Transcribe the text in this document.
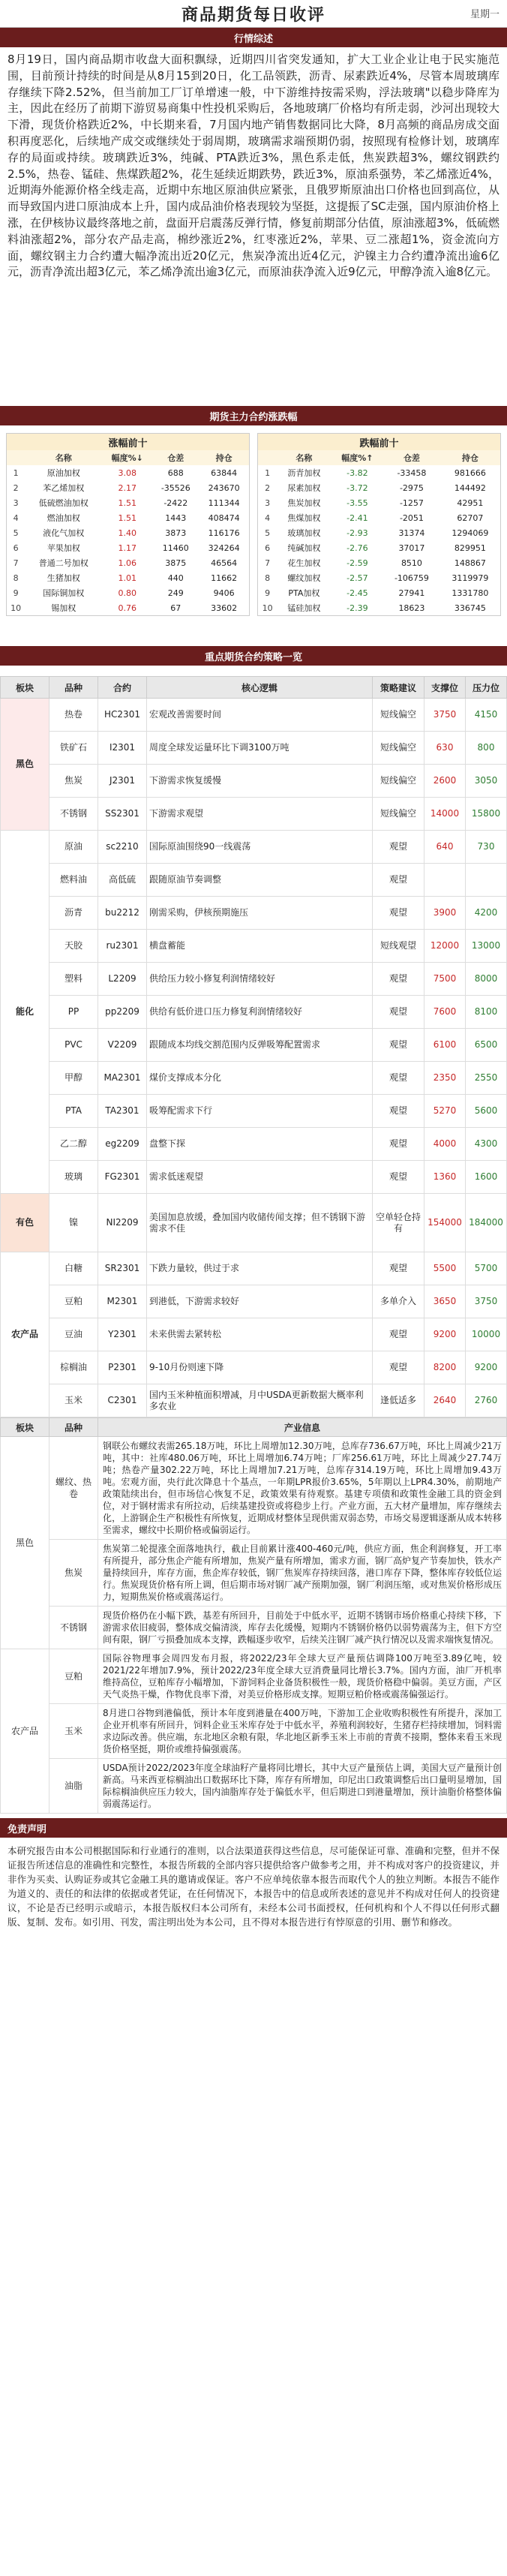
商品期货每日收评	星期一
行情综述
8月19日，国内商品期市收盘大面积飘绿，近期四川省突发通知，扩大工业企业让电于民实施范围，目前预计持续的时间是从8月15到20日，化工品领跌，沥青、尿素跌近4%，尽管本周玻璃库存继续下降2.52%，但当前加工厂订单增速一般，中下游维持按需采购，浮法玻璃"以稳步降库为主，因此在经历了前期下游贸易商集中性投机采购后，各地玻璃厂价格均有所走弱，沙河出现较大下滑，现货价格跌近2%，中长期来看，7月国内地产销售数据同比大降，8月高频的商品房成交面积再度恶化，后续地产成交或继续处于弱周期，玻璃需求端预期仍弱，按照现有检修计划，玻璃库存的局面或持续。玻璃跌近3%，纯碱、PTA跌近3%，黑色系走低，焦炭跌超3%，螺纹钢跌约2.5%，热卷、锰硅、焦煤跌超2%，花生延续近期跌势，跌近3%，原油系强势，苯乙烯涨近4%，近期海外能源价格全线走高，近期中东地区原油供应紧张，且俄罗斯原油出口价格也回到高位，从而导致国内进口原油成本上升，国内成品油价格表现较为坚挺，这提振了SC走强，国内原油价格上涨，在伊核协议最终落地之前，盘面开启震荡反弹行情，修复前期部分估值，原油涨超3%，低硫燃料油涨超2%，部分农产品走高，棉纱涨近2%，红枣涨近2%，苹果、豆二涨超1%，资金流向方面，螺纹钢主力合约遭大幅净流出近20亿元，焦炭净流出近4亿元，沪镍主力合约遭净流出逾6亿元，沥青净流出超3亿元，苯乙烯净流出逾3亿元，而原油获净流入近9亿元，甲醇净流入逾8亿元。
期货主力合约涨跌幅
涨幅前十
	名称	幅度%↓	仓差	持仓
1	原油加权	3.08	688	63844
2	苯乙烯加权	2.17	-35526	243670
3	低硫燃油加权	1.51	-2422	111344
4	燃油加权	1.51	1443	408474
5	液化气加权	1.40	3873	116176
6	苹果加权	1.17	11460	324264
7	普通二号加权	1.06	3875	46564
8	生猪加权	1.01	440	11662
9	国际铜加权	0.80	249	9406
10	锡加权	0.76	67	33602
跌幅前十
	名称	幅度%↑	仓差	持仓
1	沥青加权	-3.82	-33458	981666
2	尿素加权	-3.72	-2975	144492
3	焦炭加权	-3.55	-1257	42951
4	焦煤加权	-2.41	-2051	62707
5	玻璃加权	-2.93	31374	1294069
6	纯碱加权	-2.76	37017	829951
7	花生加权	-2.59	8510	148867
8	螺纹加权	-2.57	-106759	3119979
9	PTA加权	-2.45	27941	1331780
10	锰硅加权	-2.39	18623	336745
重点期货合约策略一览
板块	品种	合约	核心逻辑	策略建议	支撑位	压力位
黑色	热卷	HC2301	宏观改善需要时间	短线偏空	3750	4150
	铁矿石	I2301	周度全球发运量环比下调3100万吨	短线偏空	630	800
	焦炭	J2301	下游需求恢复缓慢	短线偏空	2600	3050
	不锈钢	SS2301	下游需求观望	短线偏空	14000	15800
能化	原油	sc2210	国际原油围绕90一线震荡	观望	640	730
	燃料油	高低硫	跟随原油节奏调整	观望		
	沥青	bu2212	刚需采购，伊核预期施压	观望	3900	4200
	天胶	ru2301	横盘蓄能	短线观望	12000	13000
	塑料	L2209	供给压力较小修复利润情绪较好	观望	7500	8000
	PP	pp2209	供给有低价进口压力修复利润情绪较好	观望	7600	8100
	PVC	V2209	跟随成本均线交割范围内反弹吸筹配置需求	观望	6100	6500
	甲醇	MA2301	煤价支撑成本分化	观望	2350	2550
	PTA	TA2301	吸筹配需求下行	观望	5270	5600
	乙二醇	eg2209	盘整下探	观望	4000	4300
	玻璃	FG2301	需求低迷观望	观望	1360	1600
有色	镍	NI2209	美国加息放缓，叠加国内收储传闻支撑；但不锈钢下游需求不佳	空单轻仓持有	154000	184000
农产品	白糖	SR2301	下跌力量较，供过于求	观望	5500	5700
	豆粕	M2301	到港低，下游需求较好	多单介入	3650	3750
	豆油	Y2301	未来供需去紧转松	观望	9200	10000
	棕榈油	P2301	9-10月份则速下降	观望	8200	9200
	玉米	C2301	国内玉米种植面积增减，月中USDA更新数据大概率利多农业	逢低适多	2640	2760
板块	品种	产业信息
黑色	螺纹、热卷	钢联公布螺纹表需265.18万吨，环比上周增加12.30万吨，总库存736.67万吨，环比上周减少21万吨，其中：社库480.06万吨，环比上周增加6.74万吨；厂库256.61万吨，环比上周减少27.74万吨；热卷产量302.22万吨，环比上周增加7.21万吨，总库存314.19万吨，环比上周增加9.43万吨。宏观方面，央行此次降息十个基点，一年期LPR报价3.65%，5年期以上LPR4.30%，前期地产政策陆续出台，但市场信心恢复不足，政策效果有待观察。基建专项债和政策性金融工具的资金到位，对于钢材需求有所拉动，后续基建投资或将稳步上行。产业方面，五大材产量增加，库存继续去化，上游钢企生产积极性有所恢复，近期成材整体呈现供需双弱态势，市场交易逻辑逐渐从成本转移至需求，螺纹中长期价格或偏弱运行。
	焦炭	焦炭第二轮提涨全面落地执行，截止目前累计涨400-460元/吨，供应方面，焦企利润修复，开工率有所提升，部分焦企产能有所增加，焦炭产量有所增加，需求方面，钢厂高炉复产节奏加快，铁水产量持续回升，库存方面，焦企库存较低，钢厂焦炭库存持续回落，港口库存下降，整体库存较低位运行。焦炭现货价格有所上调，但后期市场对钢厂减产预期加强，钢厂利润压缩，或对焦炭价格形成压力，短期焦炭价格或震荡运行。
	不锈钢	现货价格仍在小幅下跌，基差有所回升，目前处于中低水平，近期不锈钢市场价格重心持续下移，下游需求依旧疲弱，整体成交偏清淡，库存去化缓慢，短期内不锈钢价格仍以弱势震荡为主，但下方空间有限，钢厂亏损叠加成本支撑，跌幅逐步收窄，后续关注钢厂减产执行情况以及需求端恢复情况。
农产品	豆粕	国际谷物理事会周四发布月报，将2022/23年全球大豆产量预估调降100万吨至3.89亿吨，较2021/22年增加7.9%，预计2022/23年度全球大豆消费量同比增长3.7%。国内方面，油厂开机率维持高位，豆粕库存小幅增加，下游饲料企业备货积极性一般，现货价格稳中偏弱。美豆方面，产区天气炎热干燥，作物优良率下滑，对美豆价格形成支撑。短期豆粕价格或震荡偏强运行。
	玉米	8月进口谷物到港偏低，预计本年度到港量在400万吨，下游加工企业收购积极性有所提升，深加工企业开机率有所回升，饲料企业玉米库存处于中低水平，养殖利润较好，生猪存栏持续增加，饲料需求边际改善。供应端，东北地区余粮有限，华北地区新季玉米上市前的青黄不接期，整体来看玉米现货价格坚挺，期价或维持偏强震荡。
	油脂	USDA预计2022/2023年度全球油籽产量将同比增长，其中大豆产量预估上调，美国大豆产量预计创新高。马来西亚棕榈油出口数据环比下降，库存有所增加，印尼出口政策调整后出口量明显增加，国际棕榈油供应压力较大，国内油脂库存处于偏低水平，但后期进口到港量增加，预计油脂价格整体偏弱震荡运行。
免责声明
本研究报告由本公司根据国际和行业通行的准则，以合法渠道获得这些信息，尽可能保证可靠、准确和完整，但并不保证报告所述信息的准确性和完整性，本报告所载的全部内容只提供给客户做参考之用，并不构成对客户的投资建议，并非作为买卖、认购证券或其它金融工具的邀请或保证。客户不应单纯依靠本报告而取代个人的独立判断。本报告不能作为道义的、责任的和法律的依据或者凭证，在任何情况下，本报告中的信息或所表述的意见并不构成对任何人的投资建议，不论是否已经明示或暗示，本报告版权归本公司所有，未经本公司书面授权，任何机构和个人不得以任何形式翻版、复制、发布。如引用、刊发，需注明出处为本公司，且不得对本报告进行有悖原意的引用、删节和修改。
